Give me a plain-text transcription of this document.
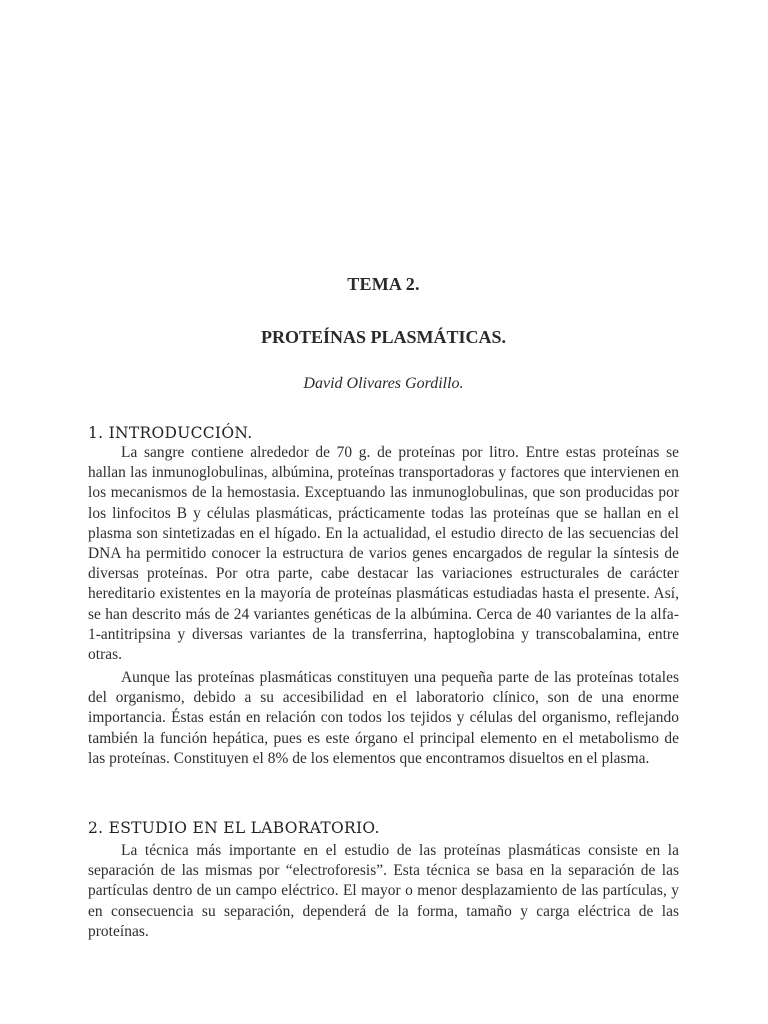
TEMA 2.
PROTEÍNAS PLASMÁTICAS.
David Olivares Gordillo.
1. INTRODUCCIÓN.

La sangre contiene alrededor de 70 g. de proteínas por litro. Entre estas proteínas se hallan las inmunoglobulinas, albúmina, proteínas transportadoras y factores que intervienen en los mecanismos de la hemostasia. Exceptuando las inmunoglobulinas, que son producidas por los linfocitos B y células plasmáticas, prácticamente todas las proteínas que se hallan en el plasma son sintetizadas en el hígado. En la actualidad, el estudio directo de las secuencias del DNA ha permitido conocer la estructura de varios genes encargados de regular la síntesis de diversas proteínas. Por otra parte, cabe destacar las variaciones estructurales de carácter hereditario existentes en la mayoría de proteínas plasmáticas estudiadas hasta el presente. Así, se han descrito más de 24 variantes genéticas de la albúmina. Cerca de 40 variantes de la alfa-1-antitripsina y diversas variantes de la transferrina, haptoglobina y transcobalamina, entre otras.

Aunque las proteínas plasmáticas constituyen una pequeña parte de las proteínas totales del organismo, debido a su accesibilidad en el laboratorio clínico, son de una enorme importancia. Éstas están en relación con todos los tejidos y células del organismo, reflejando también la función hepática, pues es este órgano el principal elemento en el metabolismo de las proteínas. Constituyen el 8% de los elementos que encontramos disueltos en el plasma.

2. ESTUDIO EN EL LABORATORIO.

La técnica más importante en el estudio de las proteínas plasmáticas consiste en la separación de las mismas por “electroforesis”. Esta técnica se basa en la separación de las partículas dentro de un campo eléctrico. El mayor o menor desplazamiento de las partículas, y en consecuencia su separación, dependerá de la forma, tamaño y carga eléctrica de las proteínas.
